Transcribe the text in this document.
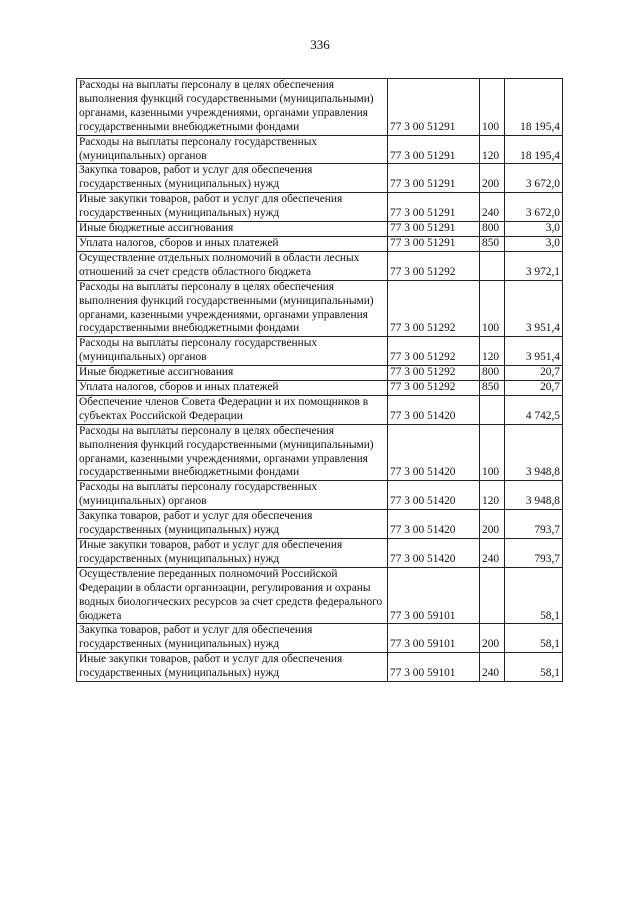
336
Расходы на выплаты персоналу в целях обеспечения выполнения функций государственными (муниципальными) органами, казенными учреждениями, органами управления государственными внебюджетными фондами	77 3 00 51291	100	18 195,4
Расходы на выплаты персоналу государственных (муниципальных) органов	77 3 00 51291	120	18 195,4
Закупка товаров, работ и услуг для обеспечения государственных (муниципальных) нужд	77 3 00 51291	200	3 672,0
Иные закупки товаров, работ и услуг для обеспечения государственных (муниципальных) нужд	77 3 00 51291	240	3 672,0
Иные бюджетные ассигнования	77 3 00 51291	800	3,0
Уплата налогов, сборов и иных платежей	77 3 00 51291	850	3,0
Осуществление отдельных полномочий в области лесных отношений за счет средств областного бюджета	77 3 00 51292		3 972,1
Расходы на выплаты персоналу в целях обеспечения выполнения функций государственными (муниципальными) органами, казенными учреждениями, органами управления государственными внебюджетными фондами	77 3 00 51292	100	3 951,4
Расходы на выплаты персоналу государственных (муниципальных) органов	77 3 00 51292	120	3 951,4
Иные бюджетные ассигнования	77 3 00 51292	800	20,7
Уплата налогов, сборов и иных платежей	77 3 00 51292	850	20,7
Обеспечение членов Совета Федерации и их помощников в субъектах Российской Федерации	77 3 00 51420		4 742,5
Расходы на выплаты персоналу в целях обеспечения выполнения функций государственными (муниципальными) органами, казенными учреждениями, органами управления государственными внебюджетными фондами	77 3 00 51420	100	3 948,8
Расходы на выплаты персоналу государственных (муниципальных) органов	77 3 00 51420	120	3 948,8
Закупка товаров, работ и услуг для обеспечения государственных (муниципальных) нужд	77 3 00 51420	200	793,7
Иные закупки товаров, работ и услуг для обеспечения государственных (муниципальных) нужд	77 3 00 51420	240	793,7
Осуществление переданных полномочий Российской Федерации в области организации, регулирования и охраны водных биологических ресурсов за счет средств федерального бюджета	77 3 00 59101		58,1
Закупка товаров, работ и услуг для обеспечения государственных (муниципальных) нужд	77 3 00 59101	200	58,1
Иные закупки товаров, работ и услуг для обеспечения государственных (муниципальных) нужд	77 3 00 59101	240	58,1
